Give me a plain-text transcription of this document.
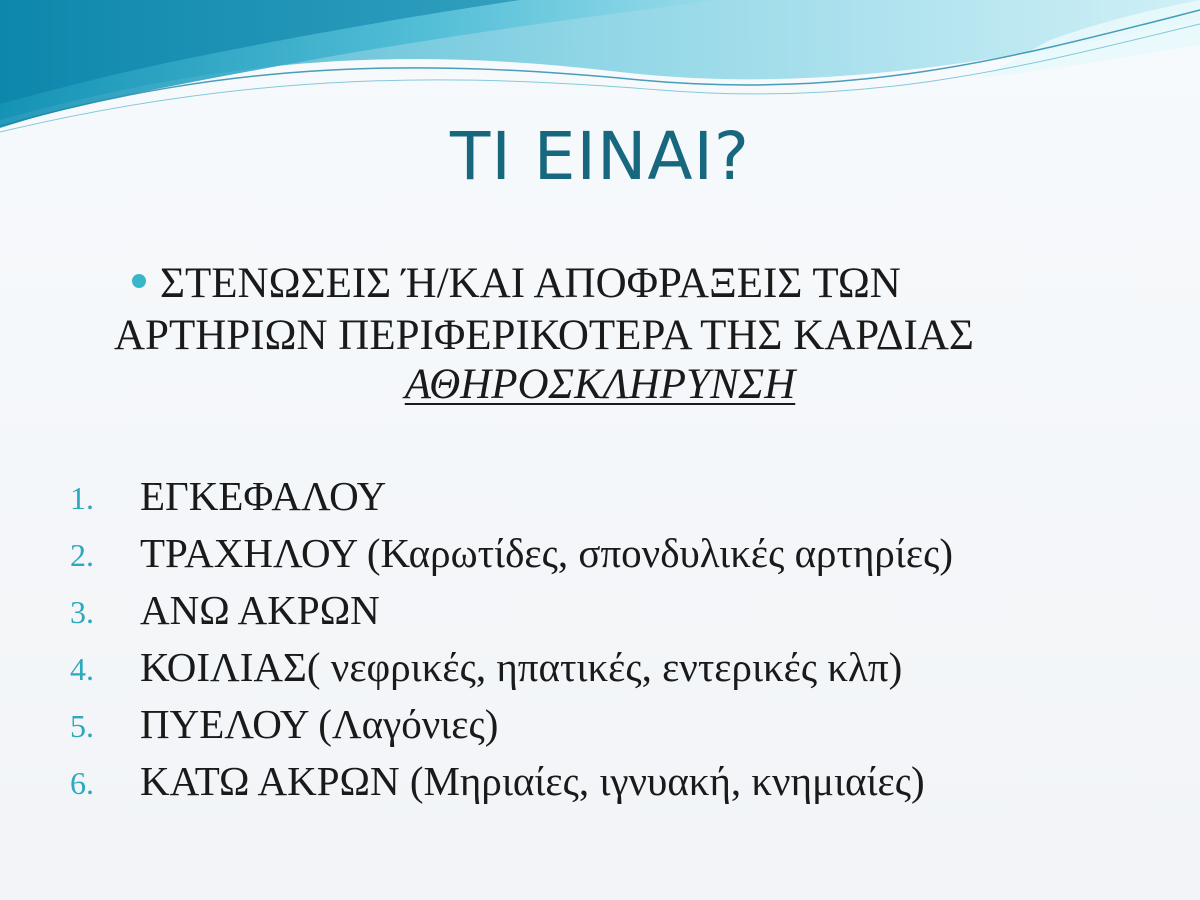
ΤΙ ΕΙΝΑΙ?
ΣΤΕΝΩΣΕΙΣ Ή/ΚΑΙ ΑΠΟΦΡΑΞΕΙΣ ΤΩΝ
ΑΡΤΗΡΙΩΝ ΠΕΡΙΦΕΡΙΚΟΤΕΡΑ ΤΗΣ ΚΑΡΔΙΑΣ
ΑΘΗΡΟΣΚΛΗΡΥΝΣΗ
1. ΕΓΚΕΦΑΛΟΥ
2. ΤΡΑΧΗΛΟΥ (Καρωτίδες, σπονδυλικές αρτηρίες)
3. ΑΝΩ ΑΚΡΩΝ
4. ΚΟΙΛΙΑΣ( νεφρικές, ηπατικές, εντερικές κλπ)
5. ΠΥΕΛΟΥ (Λαγόνιες)
6. ΚΑΤΩ ΑΚΡΩΝ (Μηριαίες, ιγνυακή, κνημιαίες)
